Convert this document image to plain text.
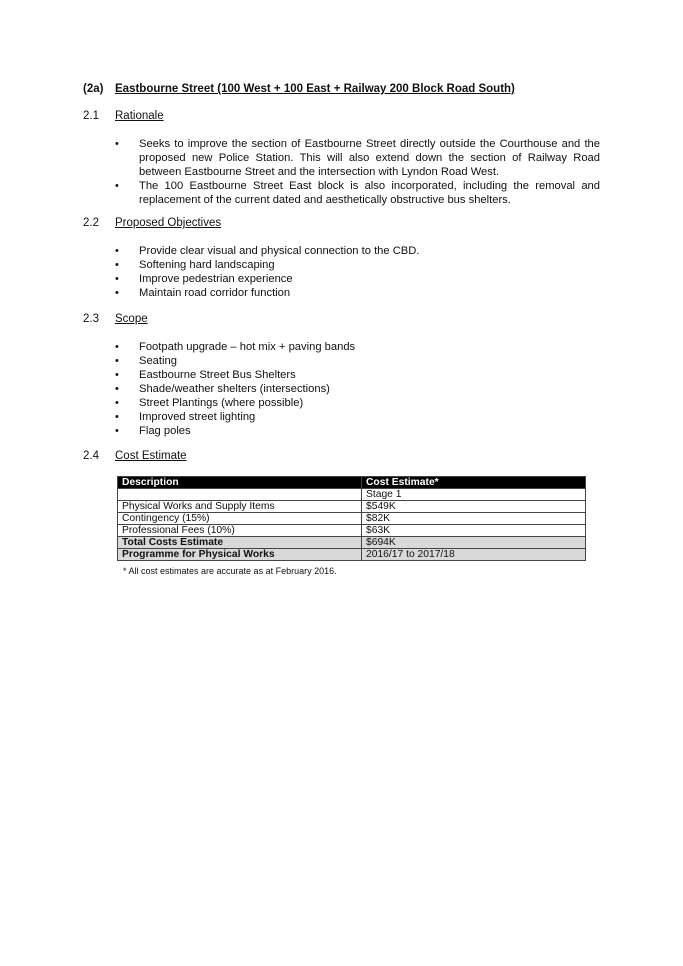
(2a) Eastbourne Street (100 West + 100 East + Railway 200 Block Road South)
2.1 Rationale
• Seeks to improve the section of Eastbourne Street directly outside the Courthouse and the proposed new Police Station. This will also extend down the section of Railway Road between Eastbourne Street and the intersection with Lyndon Road West.
• The 100 Eastbourne Street East block is also incorporated, including the removal and replacement of the current dated and aesthetically obstructive bus shelters.
2.2 Proposed Objectives
• Provide clear visual and physical connection to the CBD.
• Softening hard landscaping
• Improve pedestrian experience
• Maintain road corridor function
2.3 Scope
• Footpath upgrade – hot mix + paving bands
• Seating
• Eastbourne Street Bus Shelters
• Shade/weather shelters (intersections)
• Street Plantings (where possible)
• Improved street lighting
• Flag poles
2.4 Cost Estimate
Description	Cost Estimate*
	Stage 1
Physical Works and Supply Items	$549K
Contingency (15%)	$82K
Professional Fees (10%)	$63K
Total Costs Estimate	$694K
Programme for Physical Works	2016/17 to 2017/18
* All cost estimates are accurate as at February 2016.
